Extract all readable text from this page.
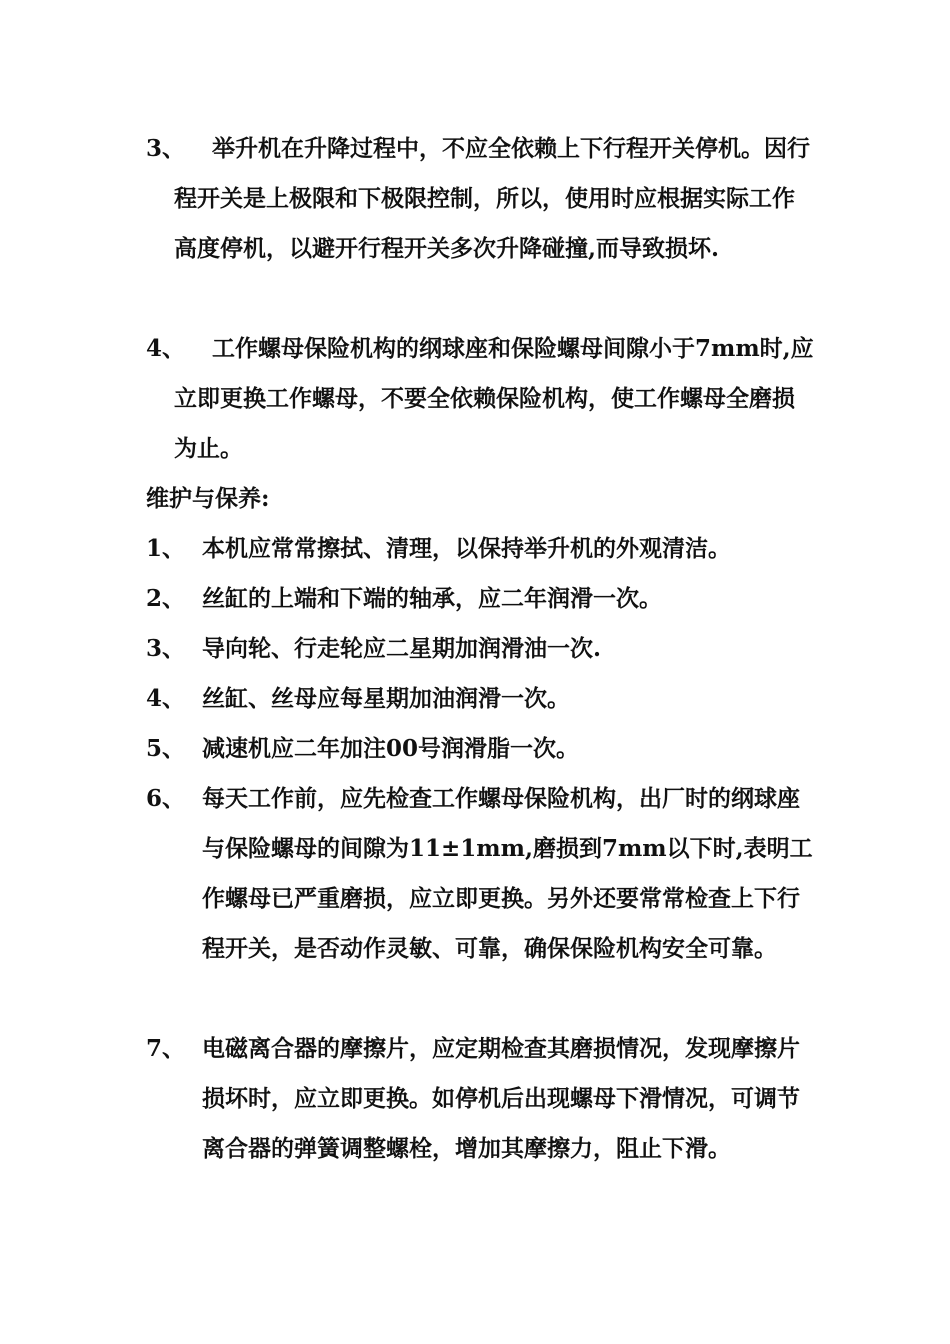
3、	举升机在升降过程中，不应全依赖上下行程开关停机。因行程开关是上极限和下极限控制，所以，使用时应根据实际工作高度停机，以避开行程开关多次升降碰撞,而导致损坏.

4、	工作螺母保险机构的纲球座和保险螺母间隙小于7mm时,应立即更换工作螺母，不要全依赖保险机构，使工作螺母全磨损为止。

维护与保养:
1、 本机应常常擦拭、清理，以保持举升机的外观清洁。

2、 丝缸的上端和下端的轴承，应二年润滑一次。

3、 导向轮、行走轮应二星期加润滑油一次.

4、 丝缸、丝母应每星期加油润滑一次。

5、 减速机应二年加注00号润滑脂一次。

6、 每天工作前，应先检查工作螺母保险机构，出厂时的纲球座与保险螺母的间隙为11±1mm,磨损到7mm以下时,表明工作螺母已严重磨损，应立即更换。另外还要常常检查上下行程开关，是否动作灵敏、可靠，确保保险机构安全可靠。

7、 电磁离合器的摩擦片，应定期检查其磨损情况，发现摩擦片损坏时，应立即更换。如停机后出现螺母下滑情况，可调节离合器的弹簧调整螺栓，增加其摩擦力，阻止下滑。
